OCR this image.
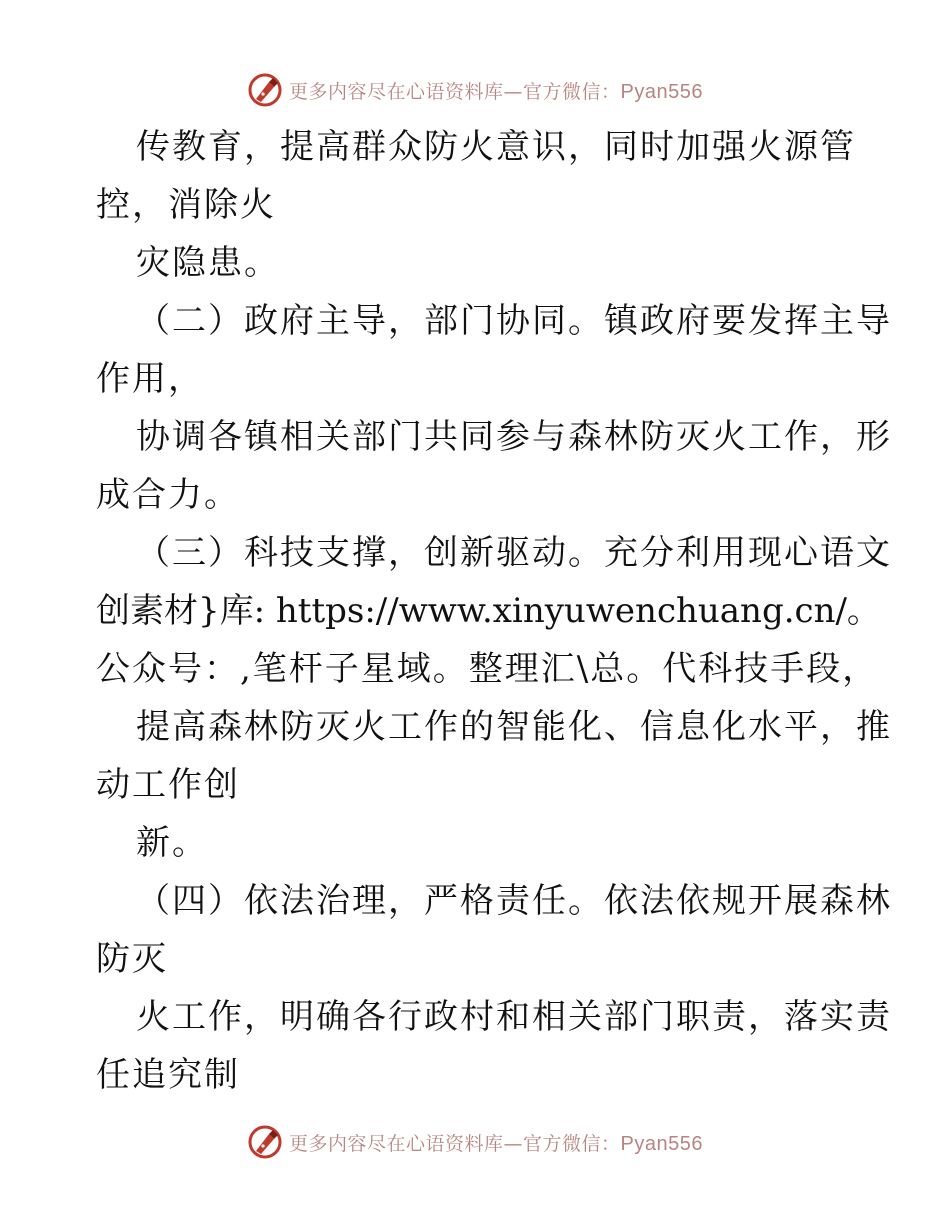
更多内容尽在心语资料库—官方微信：Pyan556
传教育，提高群众防火意识，同时加强火源管
控，消除火
灾隐患。
（二）政府主导，部门协同。镇政府要发挥主导
作用，
协调各镇相关部门共同参与森林防灭火工作，形
成合力。
（三）科技支撑，创新驱动。充分利用现心语文
创素材}库: https://www.xinyuwenchuang.cn/。
公众号：,笔杆子星域。整理汇\总。代科技手段，
提高森林防灭火工作的智能化、信息化水平，推
动工作创
新。
（四）依法治理，严格责任。依法依规开展森林
防灭
火工作，明确各行政村和相关部门职责，落实责
任追究制
更多内容尽在心语资料库—官方微信：Pyan556
